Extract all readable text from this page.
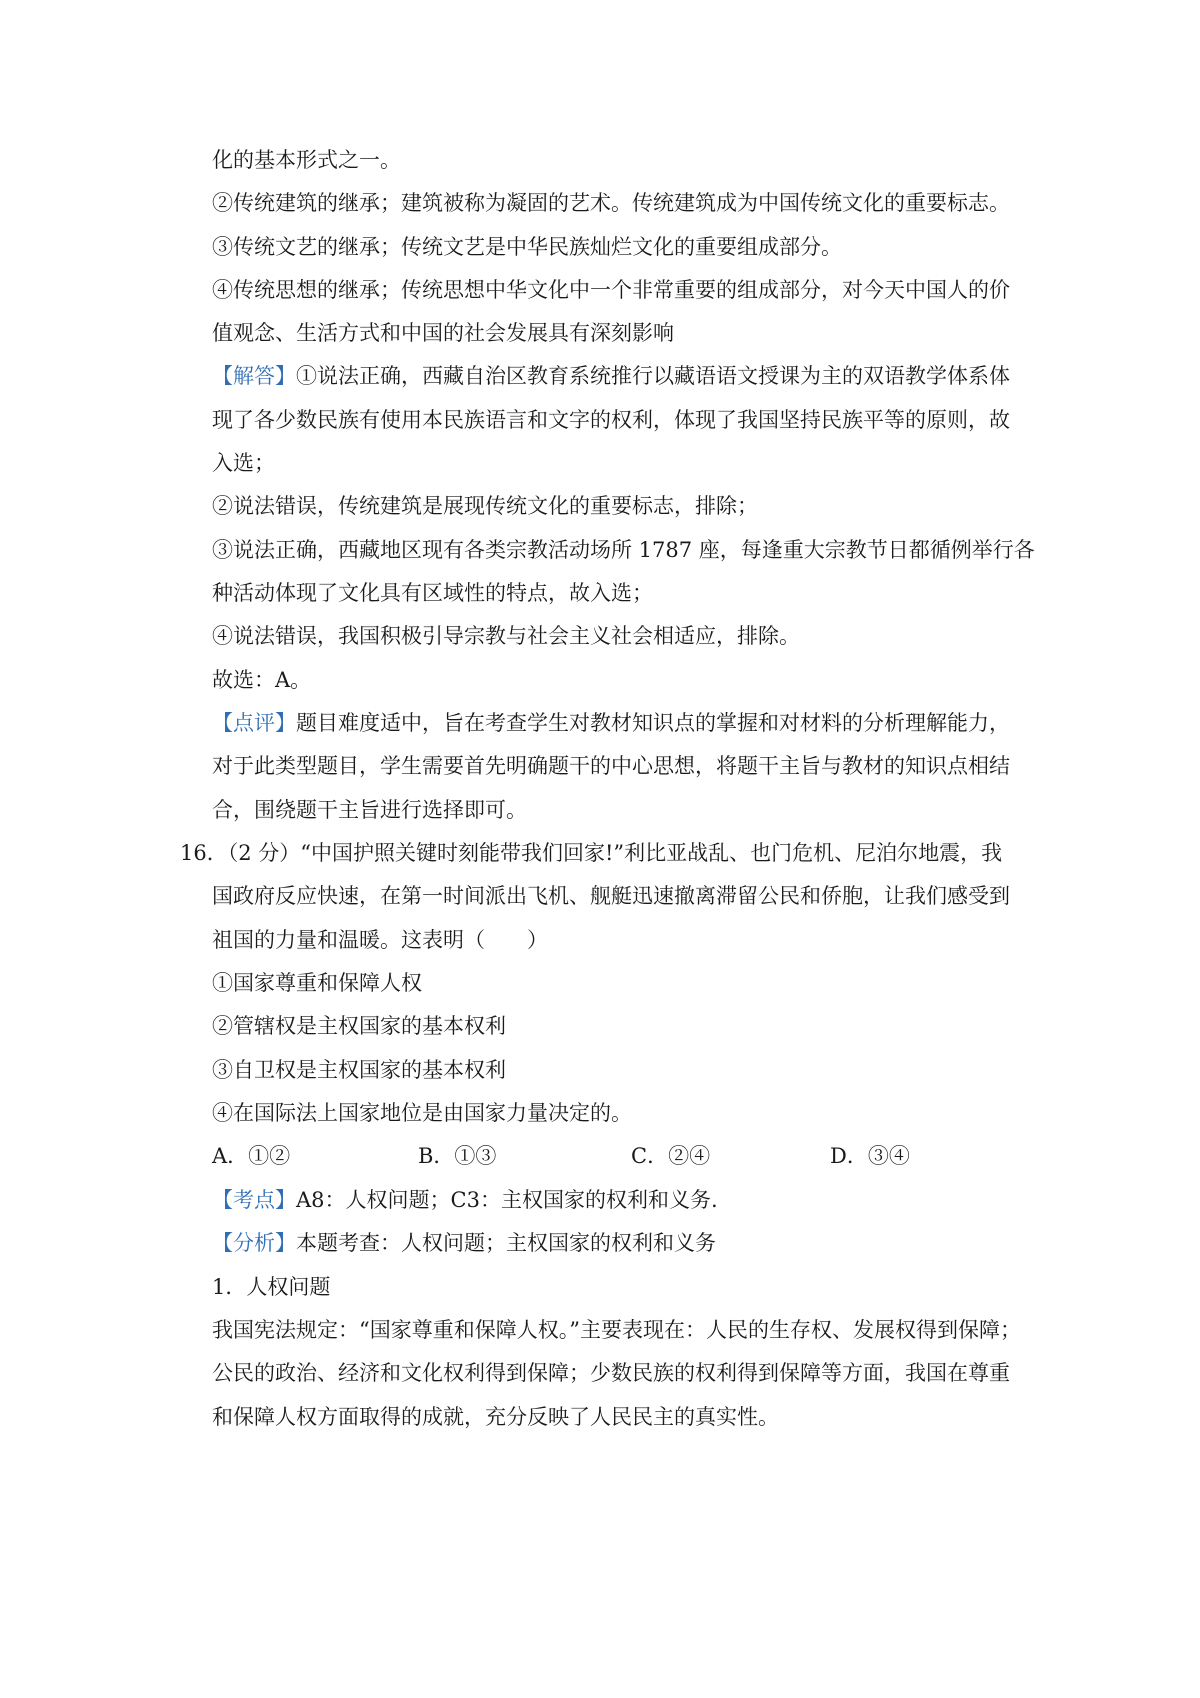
化的基本形式之一。

②传统建筑的继承；建筑被称为凝固的艺术。传统建筑成为中国传统文化的重要标志。

③传统文艺的继承；传统文艺是中华民族灿烂文化的重要组成部分。

④传统思想的继承；传统思想中华文化中一个非常重要的组成部分，对今天中国人的价

值观念、生活方式和中国的社会发展具有深刻影响

【解答】①说法正确，西藏自治区教育系统推行以藏语语文授课为主的双语教学体系体

现了各少数民族有使用本民族语言和文字的权利，体现了我国坚持民族平等的原则，故

入选；

②说法错误，传统建筑是展现传统文化的重要标志，排除；

③说法正确，西藏地区现有各类宗教活动场所 1787 座，每逢重大宗教节日都循例举行各

种活动体现了文化具有区域性的特点，故入选；

④说法错误，我国积极引导宗教与社会主义社会相适应，排除。

故选：A。

【点评】题目难度适中，旨在考查学生对教材知识点的掌握和对材料的分析理解能力，

对于此类型题目，学生需要首先明确题干的中心思想，将题干主旨与教材的知识点相结

合，围绕题干主旨进行选择即可。

16．（2 分）“中国护照关键时刻能带我们回家!”利比亚战乱、也门危机、尼泊尔地震，我

国政府反应快速，在第一时间派出飞机、舰艇迅速撤离滞留公民和侨胞，让我们感受到

祖国的力量和温暖。这表明（　　）

①国家尊重和保障人权

②管辖权是主权国家的基本权利

③自卫权是主权国家的基本权利

④在国际法上国家地位是由国家力量决定的。

A．①②	B．①③	C．②④	D．③④

【考点】A8：人权问题；C3：主权国家的权利和义务.

【分析】本题考查：人权问题；主权国家的权利和义务

1．人权问题

我国宪法规定：“国家尊重和保障人权。”主要表现在：人民的生存权、发展权得到保障；

公民的政治、经济和文化权利得到保障；少数民族的权利得到保障等方面，我国在尊重

和保障人权方面取得的成就，充分反映了人民民主的真实性。
